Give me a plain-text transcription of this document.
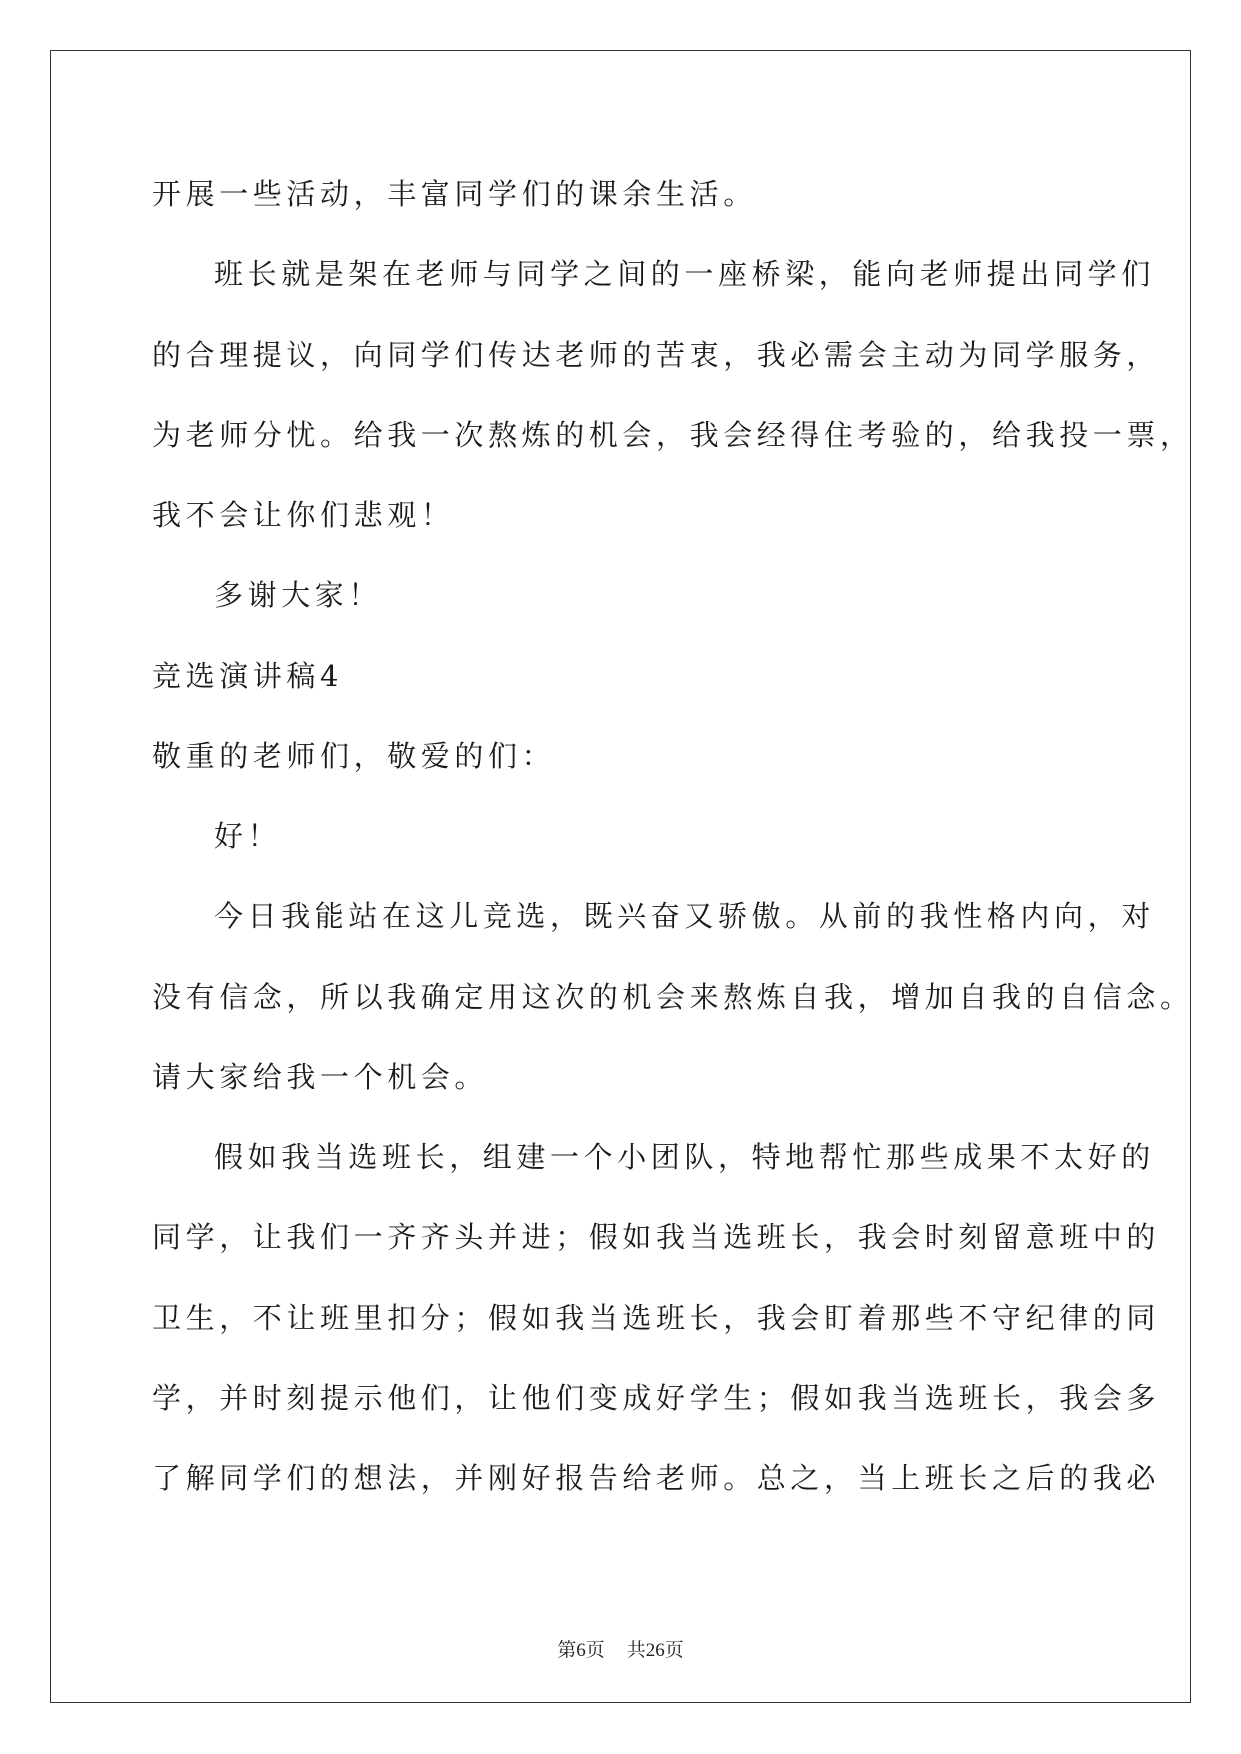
开展一些活动，丰富同学们的课余生活。
班长就是架在老师与同学之间的一座桥梁，能向老师提出同学们
的合理提议，向同学们传达老师的苦衷，我必需会主动为同学服务，
为老师分忧。给我一次熬炼的机会，我会经得住考验的，给我投一票，
我不会让你们悲观！
多谢大家！
竞选演讲稿4
敬重的老师们，敬爱的们：
好！
今日我能站在这儿竞选，既兴奋又骄傲。从前的我性格内向，对
没有信念，所以我确定用这次的机会来熬炼自我，增加自我的自信念。
请大家给我一个机会。
假如我当选班长，组建一个小团队，特地帮忙那些成果不太好的
同学，让我们一齐齐头并进；假如我当选班长，我会时刻留意班中的
卫生，不让班里扣分；假如我当选班长，我会盯着那些不守纪律的同
学，并时刻提示他们，让他们变成好学生；假如我当选班长，我会多
了解同学们的想法，并刚好报告给老师。总之，当上班长之后的我必
第6页 共26页
